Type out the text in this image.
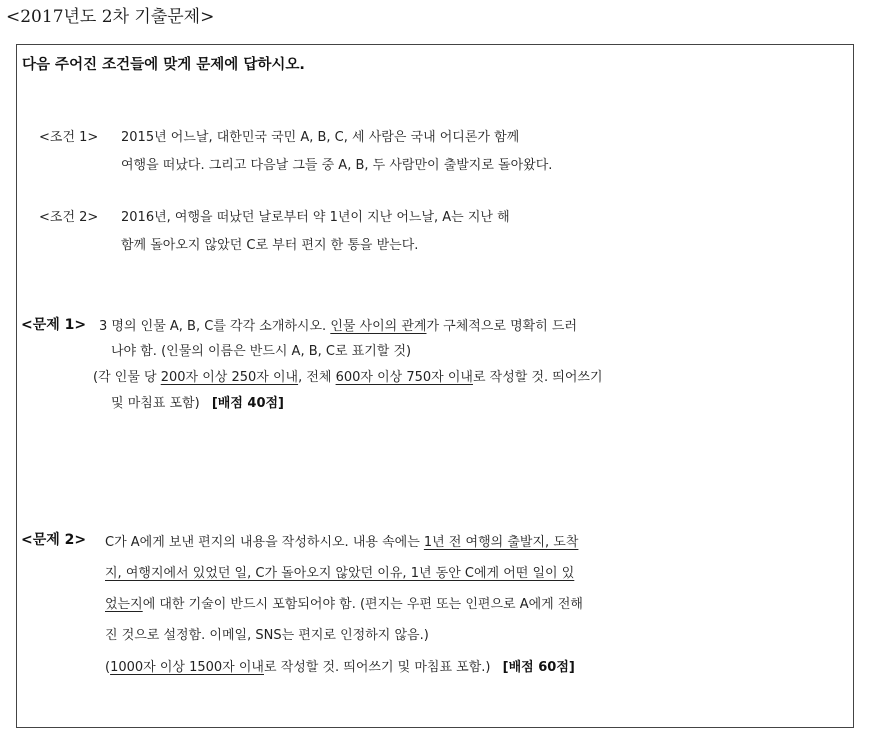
<2017년도 2차 기출문제>
다음 주어진 조건들에 맞게 문제에 답하시오.
<조건 1> 2015년 어느날, 대한민국 국민 A, B, C, 세 사람은 국내 어디론가 함께
여행을 떠났다. 그리고 다음날 그들 중 A, B, 두 사람만이 출발지로 돌아왔다.
<조건 2> 2016년, 여행을 떠났던 날로부터 약 1년이 지난 어느날, A는 지난 해
함께 돌아오지 않았던 C로 부터 편지 한 통을 받는다.
<문제 1> 3 명의 인물 A, B, C를 각각 소개하시오. 인물 사이의 관계가 구체적으로 명확히 드러
나야 함. (인물의 이름은 반드시 A, B, C로 표기할 것)
(각 인물 당 200자 이상 250자 이내, 전체 600자 이상 750자 이내로 작성할 것. 띄어쓰기
및 마침표 포함) [배점 40점]
<문제 2> C가 A에게 보낸 편지의 내용을 작성하시오. 내용 속에는 1년 전 여행의 출발지, 도착
지, 여행지에서 있었던 일, C가 돌아오지 않았던 이유, 1년 동안 C에게 어떤 일이 있
었는지에 대한 기술이 반드시 포함되어야 함. (편지는 우편 또는 인편으로 A에게 전해
진 것으로 설정함. 이메일, SNS는 편지로 인정하지 않음.)
(1000자 이상 1500자 이내로 작성할 것. 띄어쓰기 및 마침표 포함.) [배점 60점]
